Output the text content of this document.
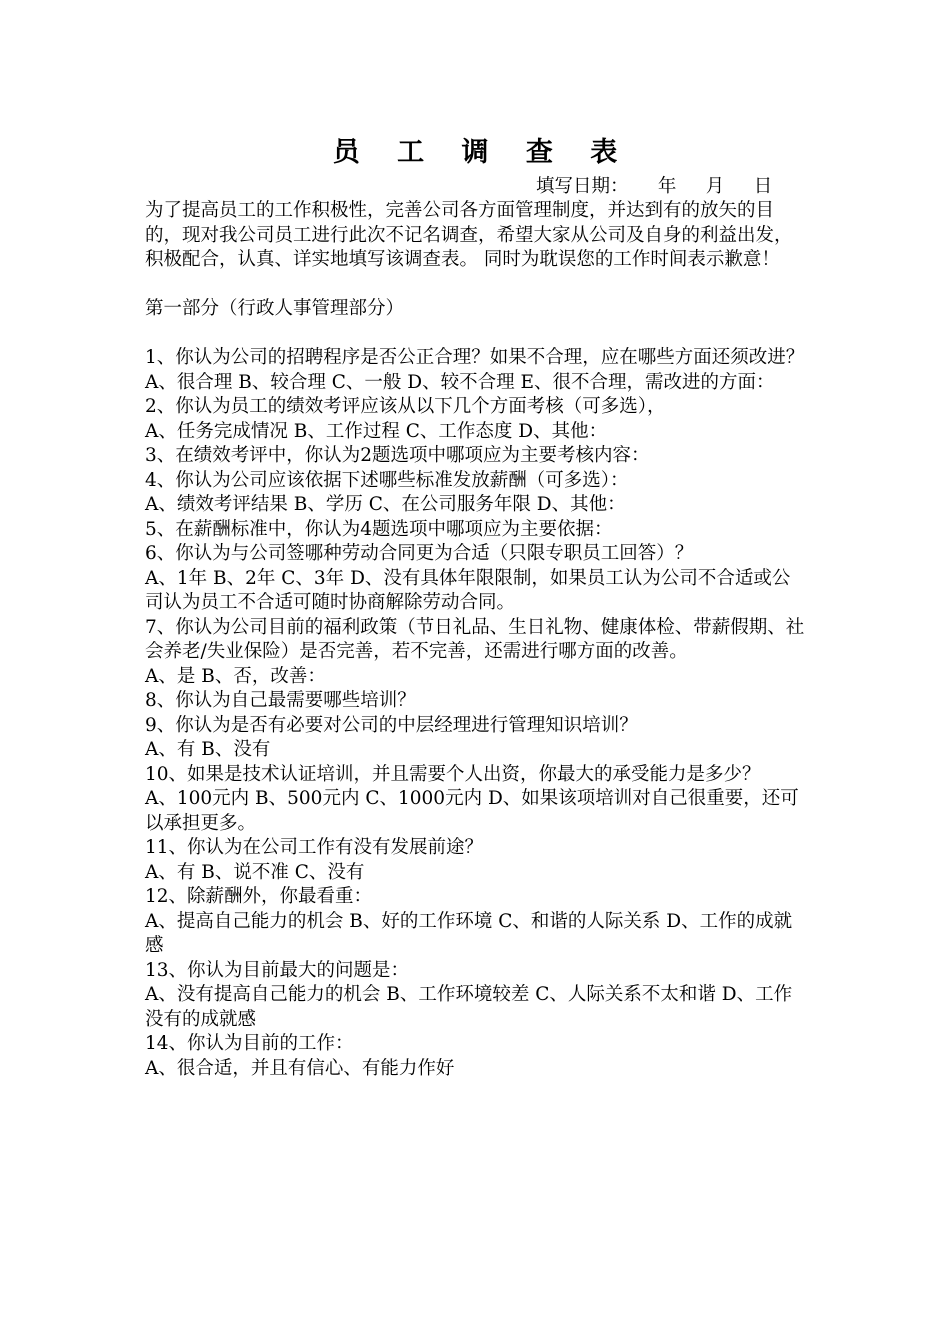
员 工 调 查 表
填写日期：     年     月     日

为了提高员工的工作积极性，完善公司各方面管理制度，并达到有的放矢的目的，现对我公司员工进行此次不记名调查，希望大家从公司及自身的利益出发，积极配合，认真、详实地填写该调查表。 同时为耽误您的工作时间表示歉意！

第一部分（行政人事管理部分）

1、你认为公司的招聘程序是否公正合理？如果不合理，应在哪些方面还须改进？

A、很合理 B、较合理 C、一般 D、较不合理 E、很不合理，需改进的方面：

2、你认为员工的绩效考评应该从以下几个方面考核（可多选），

A、任务完成情况 B、工作过程 C、工作态度 D、其他：

3、在绩效考评中，你认为2题选项中哪项应为主要考核内容：

4、你认为公司应该依据下述哪些标准发放薪酬（可多选）：

A、绩效考评结果 B、学历 C、在公司服务年限 D、其他：

5、在薪酬标准中，你认为4题选项中哪项应为主要依据：

6、你认为与公司签哪种劳动合同更为合适（只限专职员工回答）？

A、1年 B、2年 C、3年 D、没有具体年限限制，如果员工认为公司不合适或公司认为员工不合适可随时协商解除劳动合同。

7、你认为公司目前的福利政策（节日礼品、生日礼物、健康体检、带薪假期、社会养老/失业保险）是否完善，若不完善，还需进行哪方面的改善。

A、是 B、否，改善：

8、你认为自己最需要哪些培训？

9、你认为是否有必要对公司的中层经理进行管理知识培训？

A、有 B、没有

10、如果是技术认证培训，并且需要个人出资，你最大的承受能力是多少？

A、100元内 B、500元内 C、1000元内 D、如果该项培训对自己很重要，还可以承担更多。

11、你认为在公司工作有没有发展前途？

A、有 B、说不准 C、没有

12、除薪酬外，你最看重：

A、提高自己能力的机会 B、好的工作环境 C、和谐的人际关系 D、工作的成就感

13、你认为目前最大的问题是：

A、没有提高自己能力的机会 B、工作环境较差 C、人际关系不太和谐 D、工作没有的成就感

14、你认为目前的工作：

A、很合适，并且有信心、有能力作好
